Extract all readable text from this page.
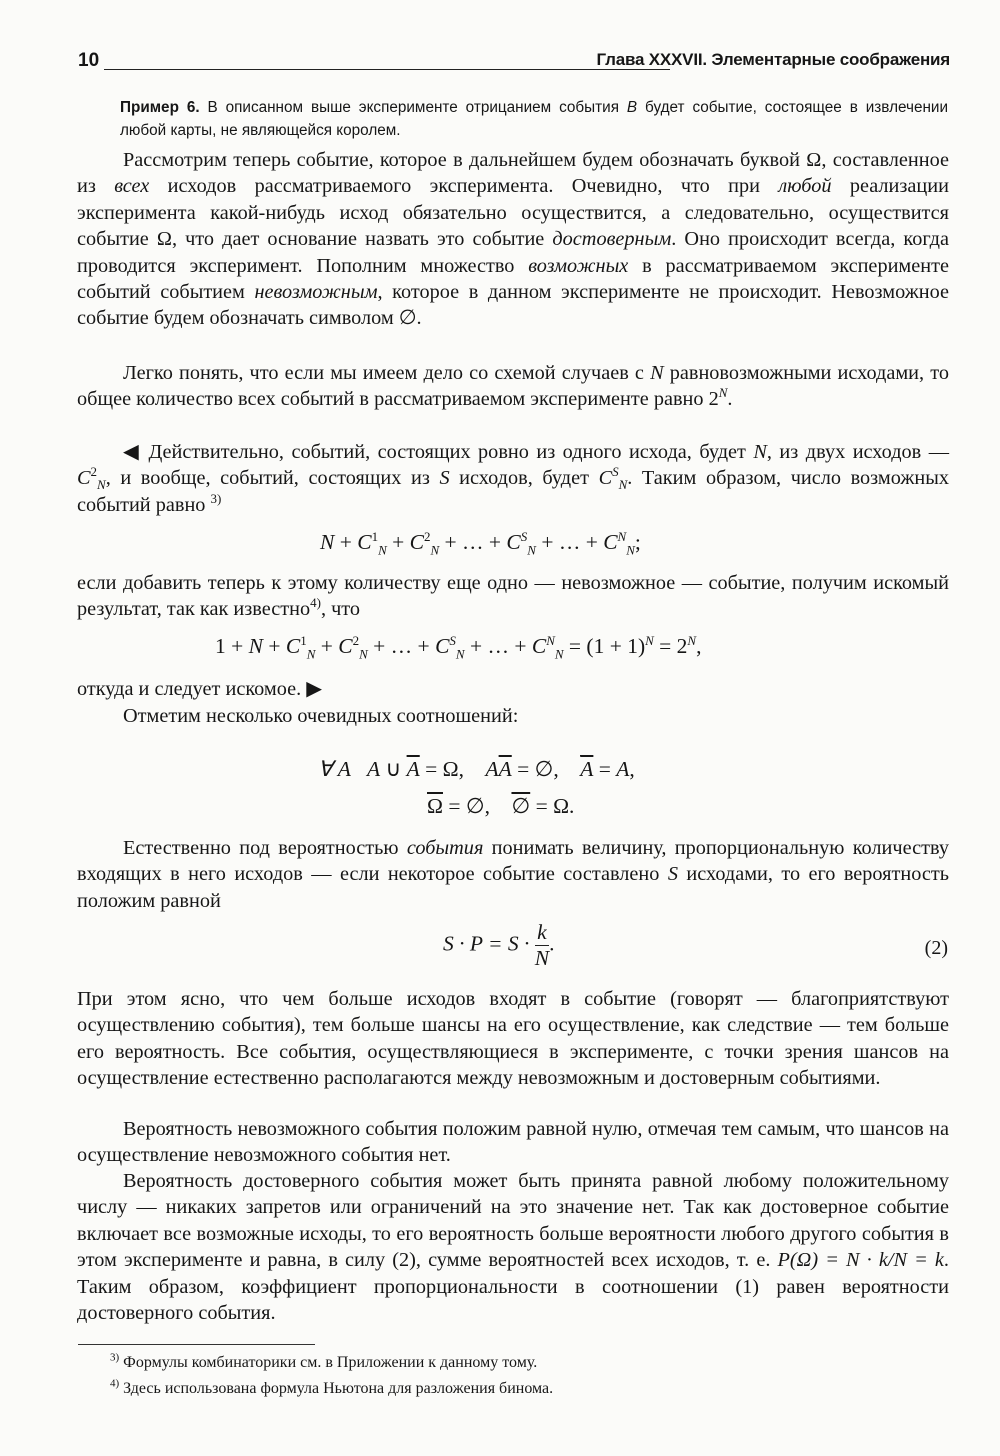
10	Глава XXXVII. Элементарные соображения
Пример 6. В описанном выше эксперименте отрицанием события B будет событие, состоящее в извлечении любой карты, не являющейся королем.
Рассмотрим теперь событие, которое в дальнейшем будем обозначать буквой Ω, составленное из всех исходов рассматриваемого эксперимента. Очевидно, что при любой реализации эксперимента какой-нибудь исход обязательно осуществится, а следовательно, осуществится событие Ω, что дает основание назвать это событие достоверным. Оно происходит всегда, когда проводится эксперимент. Пополним множество возможных в рассматриваемом эксперименте событий событием невозможным, которое в данном эксперименте не происходит. Невозможное событие будем обозначать символом ∅.
Легко понять, что если мы имеем дело со схемой случаев с N равновозможными исходами, то общее количество всех событий в рассматриваемом эксперименте равно $2^N$.
◀ Действительно, событий, состоящих ровно из одного исхода, будет N, из двух исходов — $C^2_N$, и вообще, событий, состоящих из S исходов, будет $C^S_N$. Таким образом, число возможных событий равно $^{3)}$
$N + C^1_N + C^2_N$ + … + $C^S_N$ + … + $C^N_N$;
если добавить теперь к этому количеству еще одно — невозможное — событие, получим искомый результат, так как известно$^{4)}$, что
$1 + N + C^1_N + C^2_N$ + … + $C^S_N$ + … + $C^N_N = (1 + 1)^N = 2^N$,
откуда и следует искомое. ▶
Отметим несколько очевидных соотношений:
∀ A A ∪ $\overline{A} = \Omega$,    $A\overline{A}$ = ∅,    $\overline{A} = A$,
$\overline{\Omega}$ = ∅,    ∅ = Ω.
Естественно под вероятностью события понимать величину, пропорциональную количеству входящих в него исходов — если некоторое событие составлено S исходами, то его вероятность положим равной
$S \cdot P = S \cdot \frac{k}{N}$ .	(2)
При этом ясно, что чем больше исходов входят в событие (говорят — благоприятствуют осуществлению события), тем больше шансы на его осуществление, как следствие — тем больше его вероятность. Все события, осуществляющиеся в эксперименте, с точки зрения шансов на осуществление естественно располагаются между невозможным и достоверным событиями.
Вероятность невозможного события положим равной нулю, отмечая тем самым, что шансов на осуществление невозможного события нет.
Вероятность достоверного события может быть принята равной любому положительному числу — никаких запретов или ограничений на это значение нет. Так как достоверное событие включает все возможные исходы, то его вероятность больше вероятности любого другого события в этом эксперименте и равна, в силу (2), сумме вероятностей всех исходов, т. е. P(Ω) = N · k/N = k. Таким образом, коэффициент пропорциональности в соотношении (1) равен вероятности достоверного события.
$^{3)}$ Формулы комбинаторики см. в Приложении к данному тому.
$^{4)}$ Здесь использована формула Ньютона для разложения бинома.
